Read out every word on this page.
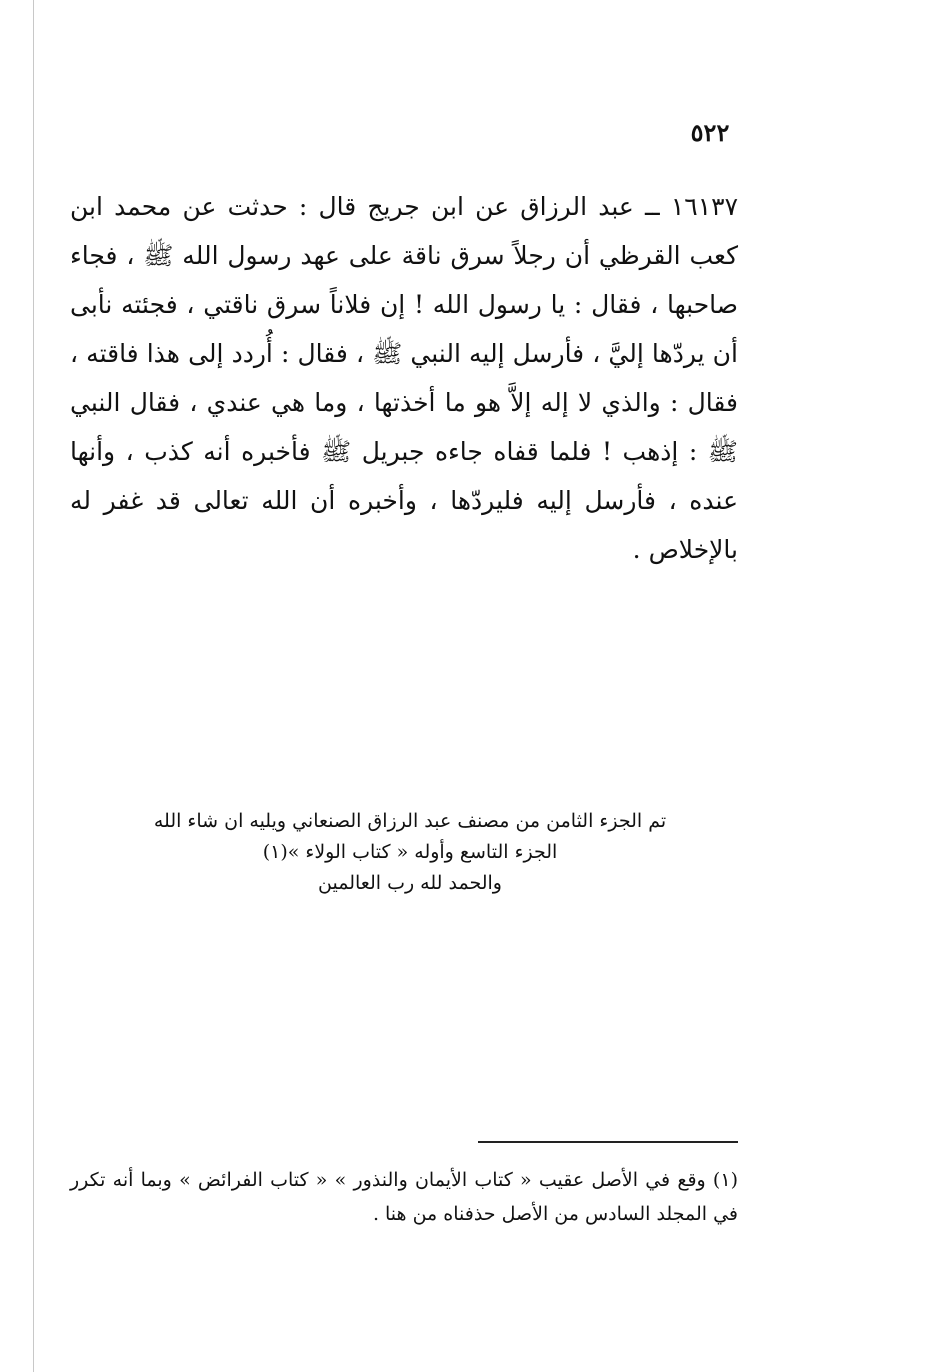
٥٢٢

١٦١٣٧ ــ عبد الرزاق عن ابن جريج قال : حدثت عن محمد ابن كعب القرظي أن رجلاً سرق ناقة على عهد رسول الله ﷺ ، فجاء صاحبها ، فقال : يا رسول الله ! إن فلاناً سرق ناقتي ، فجئته نأبى أن يردّها إليَّ ، فأرسل إليه النبي ﷺ ، فقال : أُردد إلى هذا فاقته ، فقال : والذي لا إله إلاَّ هو ما أخذتها ، وما هي عندي ، فقال النبي ﷺ : إذهب ! فلما قفاه جاءه جبريل ﷺ فأخبره أنه كذب ، وأنها عنده ، فأرسل إليه فليردّها ، وأخبره أن الله تعالى قد غفر له بالإخلاص .

تم الجزء الثامن من مصنف عبد الرزاق الصنعاني ويليه ان شاء الله
الجزء التاسع وأوله « كتاب الولاء »(١)
والحمد لله رب العالمين

(١) وقع في الأصل عقيب « كتاب الأيمان والنذور » « كتاب الفرائض » وبما أنه تكرر في المجلد السادس من الأصل حذفناه من هنا .
